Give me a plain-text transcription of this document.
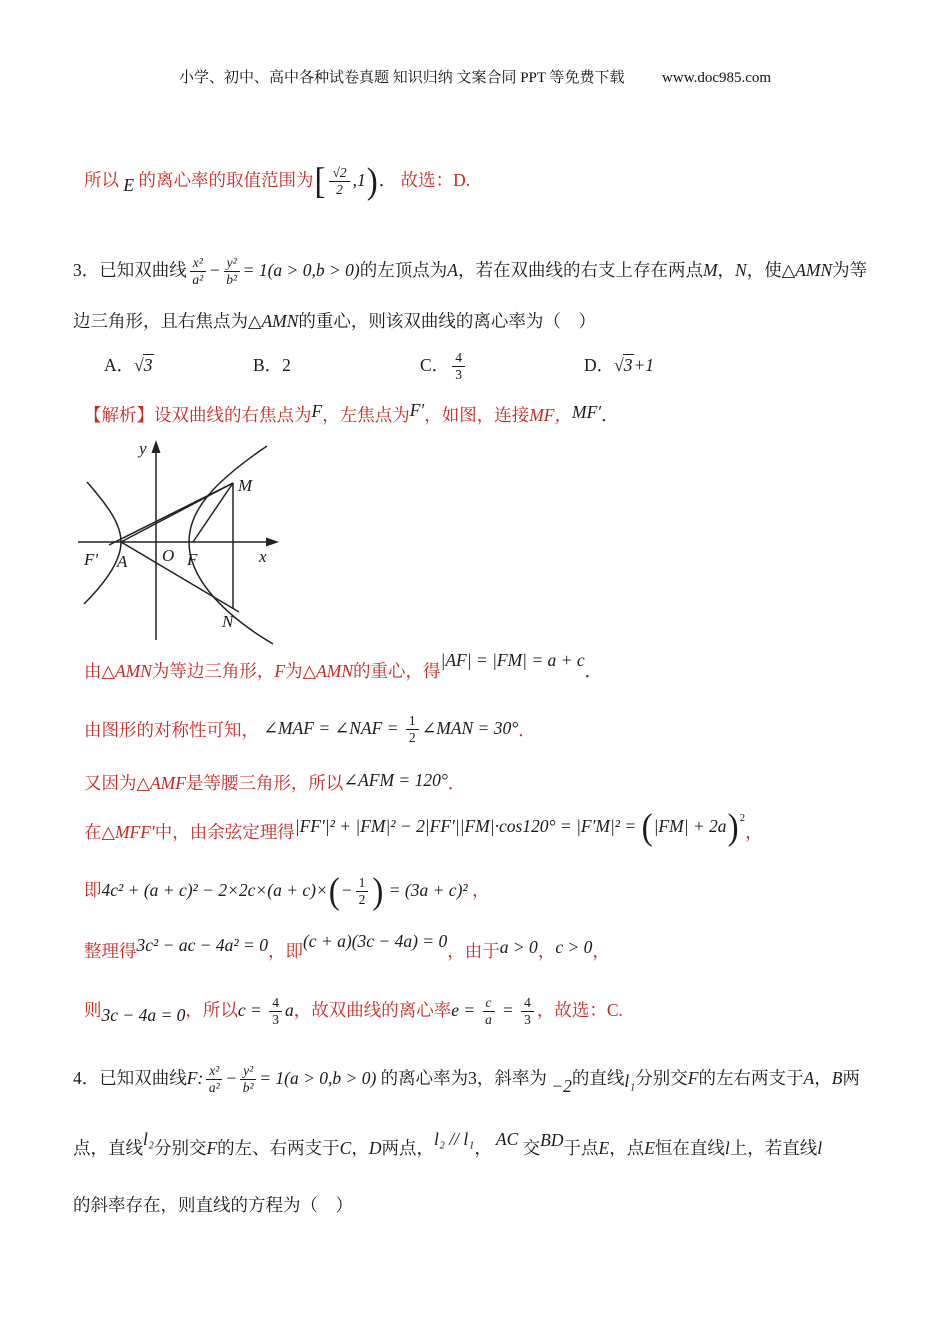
小学、初中、高中各种试卷真题 知识归纳 文案合同 PPT 等免费下载 　　	www.doc985.com
所以 E 的离心率的取值范围为[ $\frac{√2}{2} ,1$)． 故选：D.
3．已知双曲线 $\frac{\text{x²}}{\text{a²}} - \frac{\text{y²}}{\text{b²}} = 1(a > 0,b > 0)$的左顶点为A，若在双曲线的右支上存在两点M，N，使△AMN为等
边三角形，且右焦点为△AMN的重心，则该双曲线的离心率为（　）
A．√3	B．2	C． $\frac{4}{3}$	D．√3+1
【解析】设双曲线的右焦点为F，左焦点为F′，如图，连接MF，MF′．
y
x
O
F′ A	F
M
N
由△AMN为等边三角形，F为△AMN的重心，得|AF| = |FM| = a + c．
由图形的对称性可知， ∠MAF = ∠NAF = $\frac{1}{2}$ ∠MAN = 30°．
又因为△AMF是等腰三角形，所以∠AFM = 120°．
在△MFF′中，由余弦定理得$|FF'|^2 + |FM|^2 - 2|FF'||FM|\cdot\cos 120^\circ = |F'M|^2 = (|FM| + 2a)^2$，
即$4c^2 + (a + c)^2 - 2\times 2c\times(a + c)\times(- \frac{1}{2}$ ) = (3a + c)² ，
整理得3c² − ac − 4a² = 0，即(c + a)(3c − 4a) = 0，由于a > 0，c > 0，
则3c − 4a = 0，所以$c = \frac{4}{3}$ a，故双曲线的离心率$e = \frac{c}{a} = \frac{4}{3}$ ，故选：C.
4．已知双曲线F: $\frac{\text{x²}}{\text{a²}} - \frac{\text{y²}}{\text{b²}} = 1(a > 0,b > 0)$ 的离心率为3，斜率为 −2的直线l₁分别交F的左右两支于A，B两
点，直线l₂分别交F的左、右两支于C，D两点，l₂ // l₁， AC 交BD于点E，点E恒在直线l上，若直线l
的斜率存在，则直线的方程为（　）
